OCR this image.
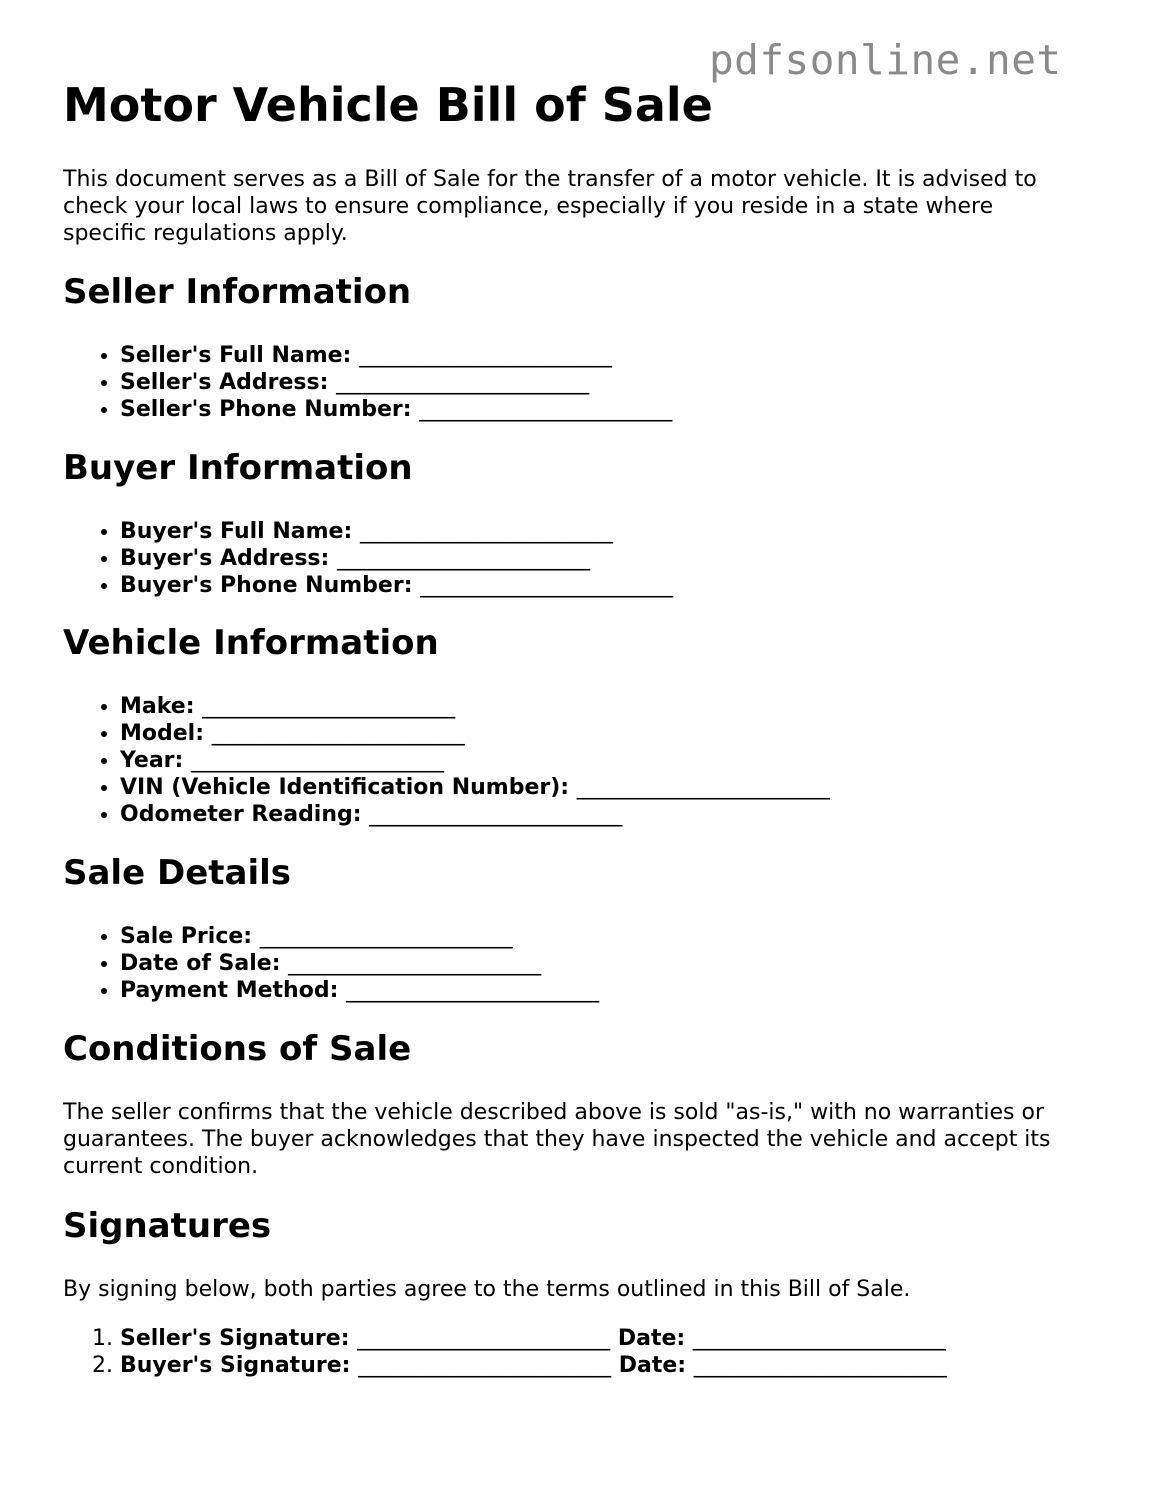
pdfsonline.net
Motor Vehicle Bill of Sale

This document serves as a Bill of Sale for the transfer of a motor vehicle. It is advised to check your local laws to ensure compliance, especially if you reside in a state where specific regulations apply.

Seller Information
• Seller's Full Name: _______________________
• Seller's Address: _______________________
• Seller's Phone Number: _______________________
Buyer Information
• Buyer's Full Name: _______________________
• Buyer's Address: _______________________
• Buyer's Phone Number: _______________________
Vehicle Information
• Make: _______________________
• Model: _______________________
• Year: _______________________
• VIN (Vehicle Identification Number): _______________________
• Odometer Reading: _______________________
Sale Details
• Sale Price: _______________________
• Date of Sale: _______________________
• Payment Method: _______________________
Conditions of Sale

The seller confirms that the vehicle described above is sold "as-is," with no warranties or guarantees. The buyer acknowledges that they have inspected the vehicle and accept its current condition.

Signatures

By signing below, both parties agree to the terms outlined in this Bill of Sale.

1. Seller's Signature: _______________________ Date: _______________________
2. Buyer's Signature: _______________________ Date: _______________________
